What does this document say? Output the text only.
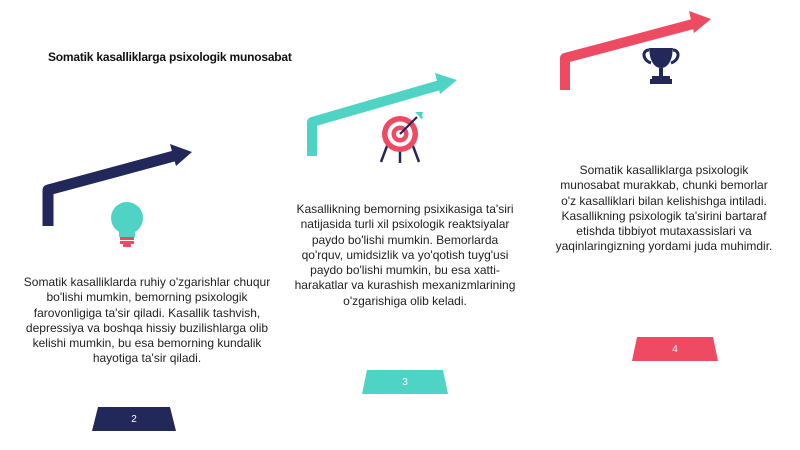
Somatik kasalliklarga psixologik munosabat
Somatik kasalliklarda ruhiy o'zgarishlar chuqur bo'lishi mumkin, bemorning psixologik farovonligiga ta'sir qiladi. Kasallik tashvish, depressiya va boshqa hissiy buzilishlarga olib kelishi mumkin, bu esa bemorning kundalik hayotiga ta'sir qiladi.
Kasallikning bemorning psixikasiga ta'siri natijasida turli xil psixologik reaktsiyalar paydo bo'lishi mumkin. Bemorlarda qo'rquv, umidsizlik va yo'qotish tuyg'usi paydo bo'lishi mumkin, bu esa xatti-harakatlar va kurashish mexanizmlarining o'zgarishiga olib keladi.
Somatik kasalliklarga psixologik munosabat murakkab, chunki bemorlar o'z kasalliklari bilan kelishishga intiladi. Kasallikning psixologik ta'sirini bartaraf etishda tibbiyot mutaxassislari va yaqinlaringizning yordami juda muhimdir.
2
3
4
